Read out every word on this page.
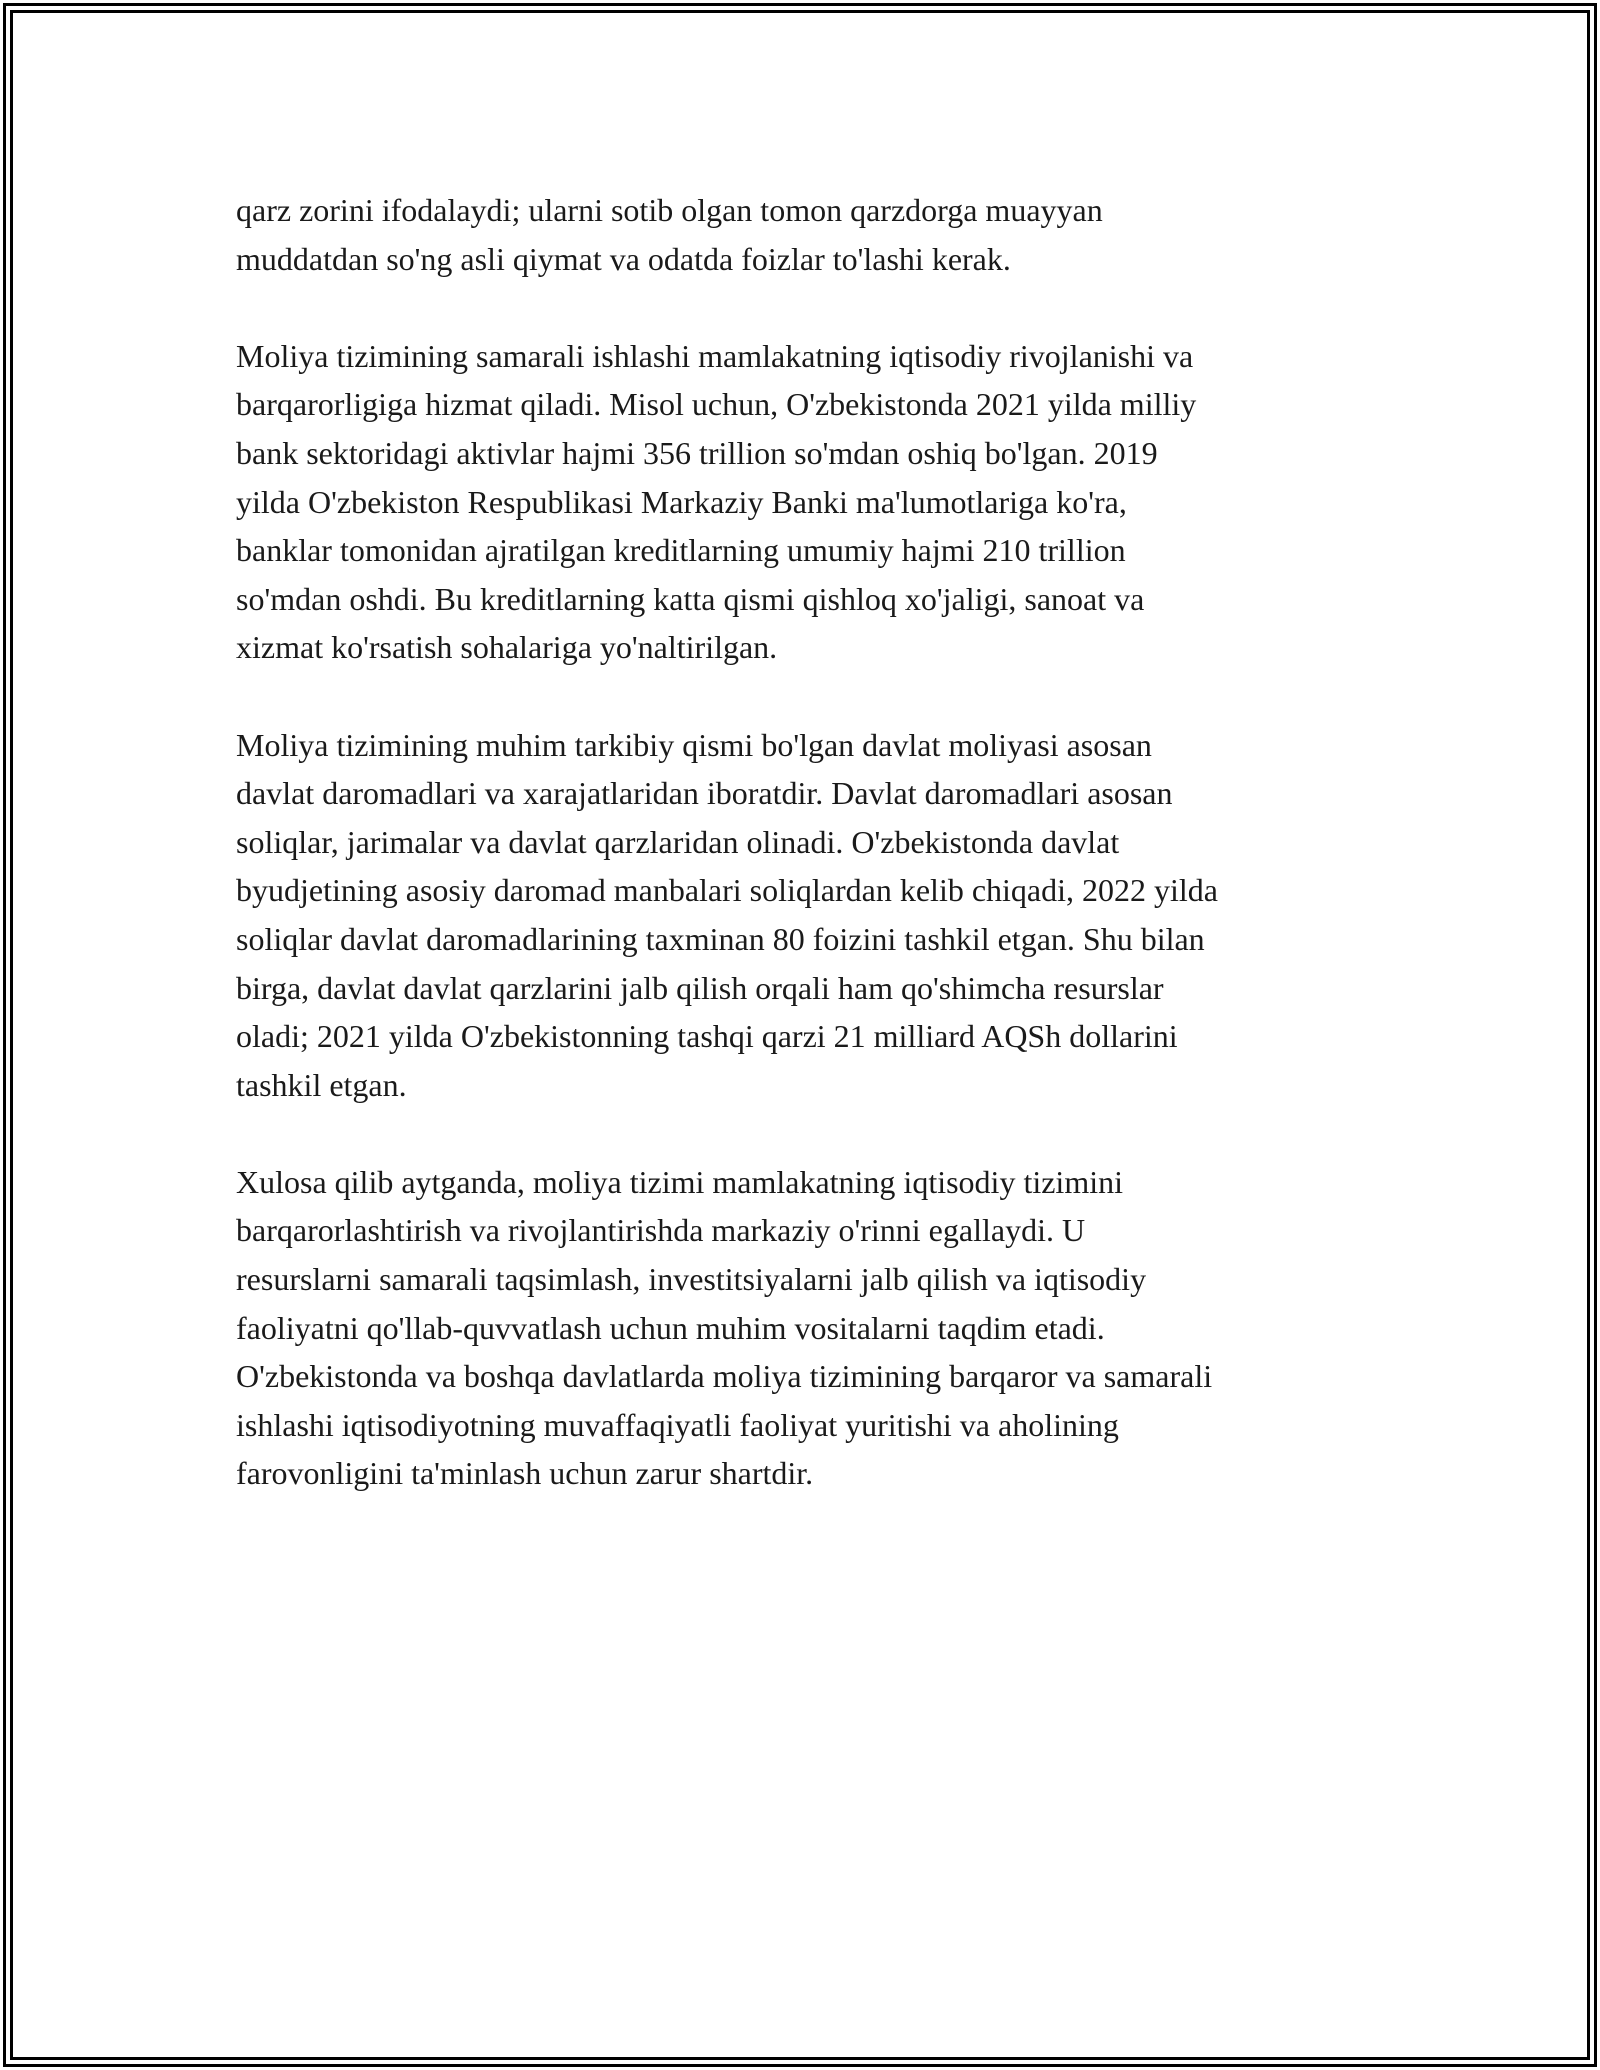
qarz zorini ifodalaydi; ularni sotib olgan tomon qarzdorga muayyan
muddatdan so'ng asli qiymat va odatda foizlar to'lashi kerak.

Moliya tizimining samarali ishlashi mamlakatning iqtisodiy rivojlanishi va
barqarorligiga hizmat qiladi. Misol uchun, O'zbekistonda 2021 yilda milliy
bank sektoridagi aktivlar hajmi 356 trillion so'mdan oshiq bo'lgan. 2019
yilda O'zbekiston Respublikasi Markaziy Banki ma'lumotlariga ko'ra,
banklar tomonidan ajratilgan kreditlarning umumiy hajmi 210 trillion
so'mdan oshdi. Bu kreditlarning katta qismi qishloq xo'jaligi, sanoat va
xizmat ko'rsatish sohalariga yo'naltirilgan.

Moliya tizimining muhim tarkibiy qismi bo'lgan davlat moliyasi asosan
davlat daromadlari va xarajatlaridan iboratdir. Davlat daromadlari asosan
soliqlar, jarimalar va davlat qarzlaridan olinadi. O'zbekistonda davlat
byudjetining asosiy daromad manbalari soliqlardan kelib chiqadi, 2022 yilda
soliqlar davlat daromadlarining taxminan 80 foizini tashkil etgan. Shu bilan
birga, davlat davlat qarzlarini jalb qilish orqali ham qo'shimcha resurslar
oladi; 2021 yilda O'zbekistonning tashqi qarzi 21 milliard AQSh dollarini
tashkil etgan.

Xulosa qilib aytganda, moliya tizimi mamlakatning iqtisodiy tizimini
barqarorlashtirish va rivojlantirishda markaziy o'rinni egallaydi. U
resurslarni samarali taqsimlash, investitsiyalarni jalb qilish va iqtisodiy
faoliyatni qo'llab-quvvatlash uchun muhim vositalarni taqdim etadi.
O'zbekistonda va boshqa davlatlarda moliya tizimining barqaror va samarali
ishlashi iqtisodiyotning muvaffaqiyatli faoliyat yuritishi va aholining
farovonligini ta'minlash uchun zarur shartdir.
